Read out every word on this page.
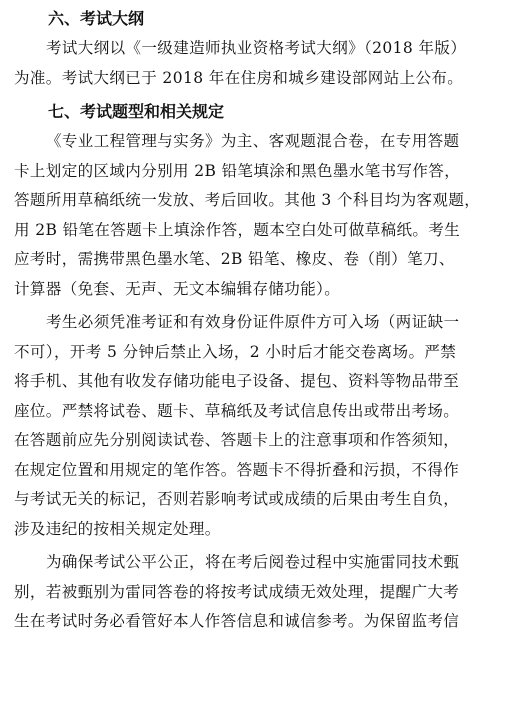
六、考试大纲

考试大纲以《一级建造师执业资格考试大纲》（2018 年版）

为准。考试大纲已于 2018 年在住房和城乡建设部网站上公布。

七、考试题型和相关规定

《专业工程管理与实务》为主、客观题混合卷，在专用答题

卡上划定的区域内分别用 2B 铅笔填涂和黑色墨水笔书写作答，

答题所用草稿纸统一发放、考后回收。其他 3 个科目均为客观题，

用 2B 铅笔在答题卡上填涂作答，题本空白处可做草稿纸。考生

应考时，需携带黑色墨水笔、2B 铅笔、橡皮、卷（削）笔刀、

计算器（免套、无声、无文本编辑存储功能）。

考生必须凭准考证和有效身份证件原件方可入场（两证缺一

不可），开考 5 分钟后禁止入场，2 小时后才能交卷离场。严禁

将手机、其他有收发存储功能电子设备、提包、资料等物品带至

座位。严禁将试卷、题卡、草稿纸及考试信息传出或带出考场。

在答题前应先分别阅读试卷、答题卡上的注意事项和作答须知，

在规定位置和用规定的笔作答。答题卡不得折叠和污损，不得作

与考试无关的标记，否则若影响考试或成绩的后果由考生自负，

涉及违纪的按相关规定处理。

为确保考试公平公正，将在考后阅卷过程中实施雷同技术甄

别，若被甄别为雷同答卷的将按考试成绩无效处理，提醒广大考

生在考试时务必看管好本人作答信息和诚信参考。为保留监考信
